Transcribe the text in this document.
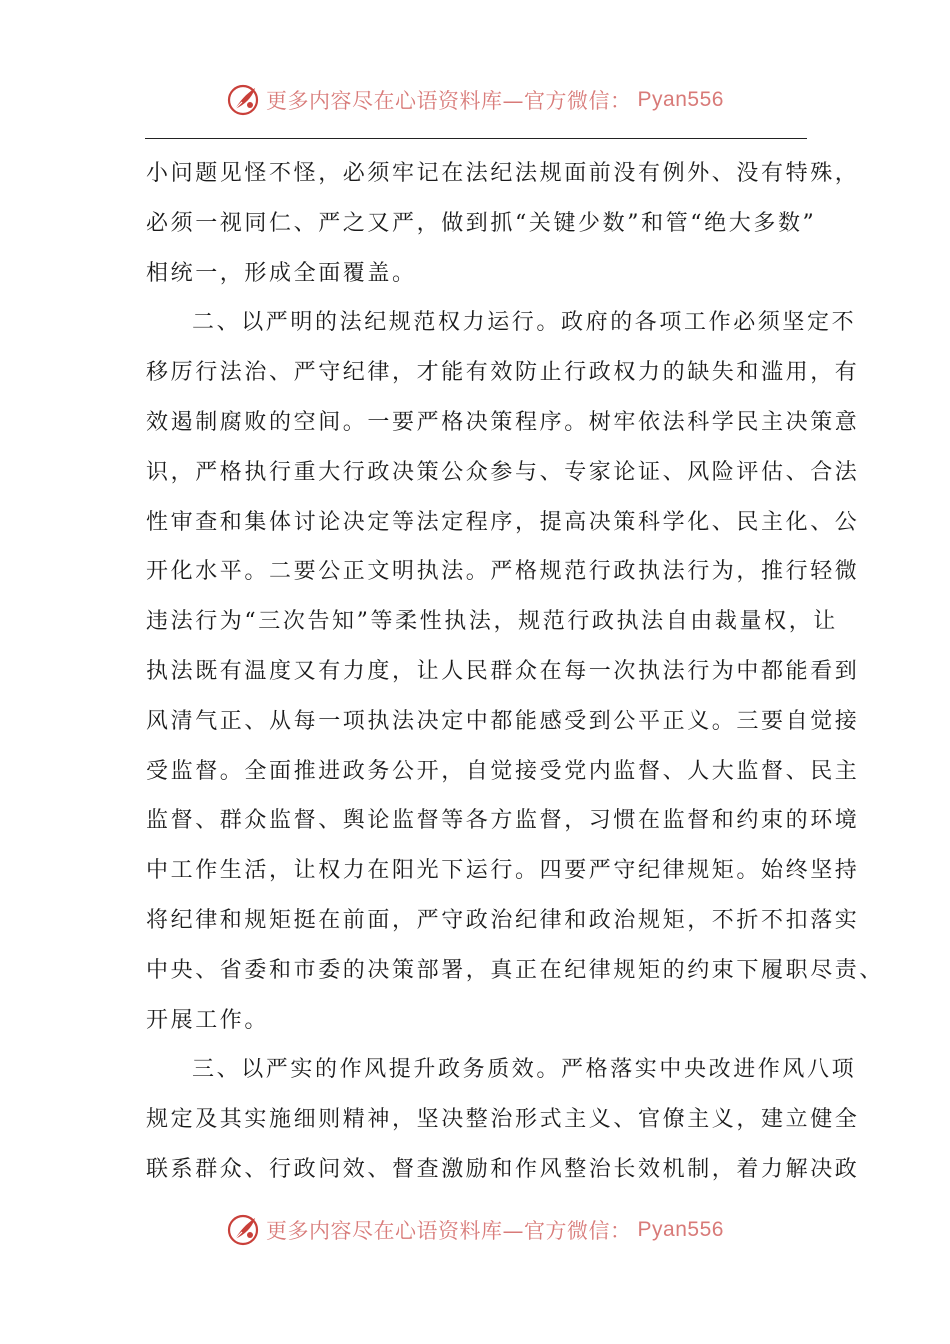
更多内容尽在心语资料库—官方微信： Pyan556
小问题见怪不怪，必须牢记在法纪法规面前没有例外、没有特殊，
必须一视同仁、严之又严，做到抓“关键少数”和管“绝大多数”
相统一，形成全面覆盖。
二、以严明的法纪规范权力运行。政府的各项工作必须坚定不
移厉行法治、严守纪律，才能有效防止行政权力的缺失和滥用，有
效遏制腐败的空间。一要严格决策程序。树牢依法科学民主决策意
识，严格执行重大行政决策公众参与、专家论证、风险评估、合法
性审查和集体讨论决定等法定程序，提高决策科学化、民主化、公
开化水平。二要公正文明执法。严格规范行政执法行为，推行轻微
违法行为“三次告知”等柔性执法，规范行政执法自由裁量权，让
执法既有温度又有力度，让人民群众在每一次执法行为中都能看到
风清气正、从每一项执法决定中都能感受到公平正义。三要自觉接
受监督。全面推进政务公开，自觉接受党内监督、人大监督、民主
监督、群众监督、舆论监督等各方监督，习惯在监督和约束的环境
中工作生活，让权力在阳光下运行。四要严守纪律规矩。始终坚持
将纪律和规矩挺在前面，严守政治纪律和政治规矩，不折不扣落实
中央、省委和市委的决策部署，真正在纪律规矩的约束下履职尽责、
开展工作。
三、以严实的作风提升政务质效。严格落实中央改进作风八项
规定及其实施细则精神，坚决整治形式主义、官僚主义，建立健全
联系群众、行政问效、督查激励和作风整治长效机制，着力解决政
更多内容尽在心语资料库—官方微信： Pyan556
